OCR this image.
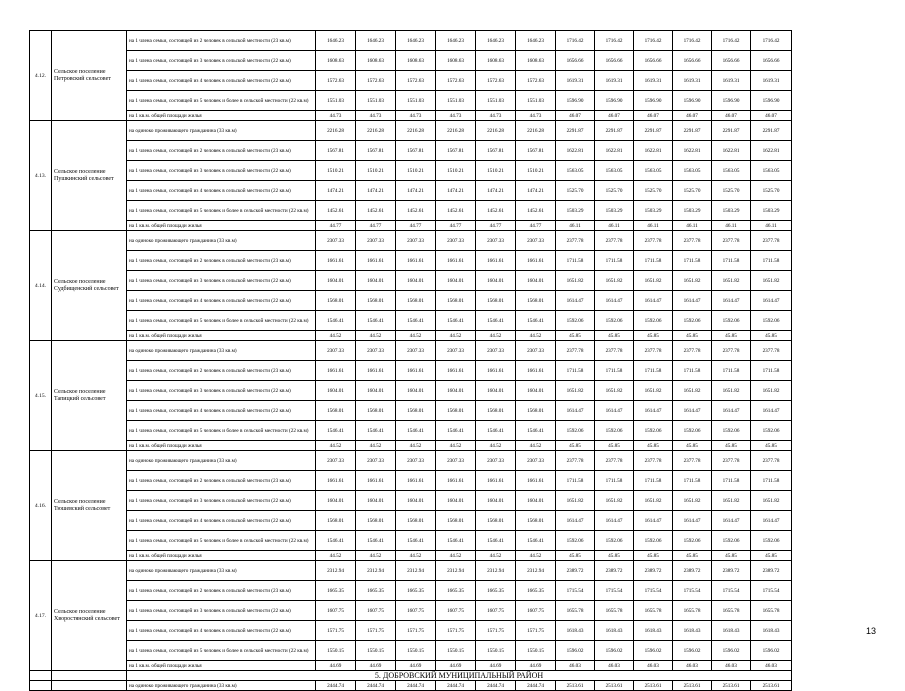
4.12.	Сельское поселение Петровский сельсовет	на 1 члена семьи, состоящей из 2 человек в сельской местности (23 кв.м)	1646.23	1646.23	1646.23	1646.23	1646.23	1646.23	1716.42	1716.42	1716.42	1716.42	1716.42	1716.42
		на 1 члена семьи, состоящей из 3 человек в сельской местности (22 кв.м)	1608.63	1608.63	1608.63	1608.63	1608.63	1608.63	1656.66	1656.66	1656.66	1656.66	1656.66	1656.66
		на 1 члена семьи, состоящей из 4 человек в сельской местности (22 кв.м)	1572.63	1572.63	1572.63	1572.63	1572.63	1572.63	1619.31	1619.31	1619.31	1619.31	1619.31	1619.31
		на 1 члена семьи, состоящей из 5 человек и более в сельской местности (22 кв.м)	1551.03	1551.03	1551.03	1551.03	1551.03	1551.03	1596.90	1596.90	1596.90	1596.90	1596.90	1596.90
		на 1 кв.м. общей площади жилья	44.73	44.73	44.73	44.73	44.73	44.73	46.07	46.07	46.07	46.07	46.07	46.07
4.13.	Сельское поселение Пушкинский сельсовет	на одиноко проживающего гражданина (33 кв.м)	2216.28	2216.28	2216.28	2216.28	2216.28	2216.28	2291.87	2291.87	2291.87	2291.87	2291.87	2291.87
		на 1 члена семьи, состоящей из 2 человек в сельской местности (23 кв.м)	1567.81	1567.81	1567.81	1567.81	1567.81	1567.81	1622.81	1622.81	1622.81	1622.81	1622.81	1622.81
		на 1 члена семьи, состоящей из 3 человек в сельской местности (22 кв.м)	1510.21	1510.21	1510.21	1510.21	1510.21	1510.21	1563.05	1563.05	1563.05	1563.05	1563.05	1563.05
		на 1 члена семьи, состоящей из 4 человек в сельской местности (22 кв.м)	1474.21	1474.21	1474.21	1474.21	1474.21	1474.21	1525.70	1525.70	1525.70	1525.70	1525.70	1525.70
		на 1 члена семьи, состоящей из 5 человек и более в сельской местности (22 кв.м)	1452.61	1452.61	1452.61	1452.61	1452.61	1452.61	1503.29	1503.29	1503.29	1503.29	1503.29	1503.29
		на 1 кв.м. общей площади жилья	44.77	44.77	44.77	44.77	44.77	44.77	46.11	46.11	46.11	46.11	46.11	46.11
4.14.	Сельское поселение Судбищенский сельсовет	на одиноко проживающего гражданина (33 кв.м)	2307.33	2307.33	2307.33	2307.33	2307.33	2307.33	2377.78	2377.78	2377.78	2377.78	2377.78	2377.78
		на 1 члена семьи, состоящей из 2 человек в сельской местности (23 кв.м)	1661.61	1661.61	1661.61	1661.61	1661.61	1661.61	1711.58	1711.58	1711.58	1711.58	1711.58	1711.58
		на 1 члена семьи, состоящей из 3 человек в сельской местности (22 кв.м)	1604.01	1604.01	1604.01	1604.01	1604.01	1604.01	1651.82	1651.82	1651.82	1651.82	1651.82	1651.82
		на 1 члена семьи, состоящей из 4 человек в сельской местности (22 кв.м)	1568.01	1568.01	1568.01	1568.01	1568.01	1568.01	1614.47	1614.47	1614.47	1614.47	1614.47	1614.47
		на 1 члена семьи, состоящей из 5 человек и более в сельской местности (22 кв.м)	1546.41	1546.41	1546.41	1546.41	1546.41	1546.41	1592.06	1592.06	1592.06	1592.06	1592.06	1592.06
		на 1 кв.м. общей площади жилья	44.52	44.52	44.52	44.52	44.52	44.52	45.85	45.85	45.85	45.85	45.85	45.85
4.15.	Сельское поселение Тапицкий сельсовет	на одиноко проживающего гражданина (33 кв.м)	2307.33	2307.33	2307.33	2307.33	2307.33	2307.33	2377.78	2377.78	2377.78	2377.78	2377.78	2377.78
		на 1 члена семьи, состоящей из 2 человек в сельской местности (23 кв.м)	1661.61	1661.61	1661.61	1661.61	1661.61	1661.61	1711.58	1711.58	1711.58	1711.58	1711.58	1711.58
		на 1 члена семьи, состоящей из 3 человек в сельской местности (22 кв.м)	1604.01	1604.01	1604.01	1604.01	1604.01	1604.01	1651.82	1651.82	1651.82	1651.82	1651.82	1651.82
		на 1 члена семьи, состоящей из 4 человек в сельской местности (22 кв.м)	1568.01	1568.01	1568.01	1568.01	1568.01	1568.01	1614.47	1614.47	1614.47	1614.47	1614.47	1614.47
		на 1 члена семьи, состоящей из 5 человек и более в сельской местности (22 кв.м)	1546.41	1546.41	1546.41	1546.41	1546.41	1546.41	1592.06	1592.06	1592.06	1592.06	1592.06	1592.06
		на 1 кв.м. общей площади жилья	44.52	44.52	44.52	44.52	44.52	44.52	45.85	45.85	45.85	45.85	45.85	45.85
4.16.	Сельское поселение Тюшевский сельсовет	на одиноко проживающего гражданина (33 кв.м)	2307.33	2307.33	2307.33	2307.33	2307.33	2307.33	2377.78	2377.78	2377.78	2377.78	2377.78	2377.78
		на 1 члена семьи, состоящей из 2 человек в сельской местности (23 кв.м)	1661.61	1661.61	1661.61	1661.61	1661.61	1661.61	1711.58	1711.58	1711.58	1711.58	1711.58	1711.58
		на 1 члена семьи, состоящей из 3 человек в сельской местности (22 кв.м)	1604.01	1604.01	1604.01	1604.01	1604.01	1604.01	1651.82	1651.82	1651.82	1651.82	1651.82	1651.82
		на 1 члена семьи, состоящей из 4 человек в сельской местности (22 кв.м)	1568.01	1568.01	1568.01	1568.01	1568.01	1568.01	1614.47	1614.47	1614.47	1614.47	1614.47	1614.47
		на 1 члена семьи, состоящей из 5 человек и более в сельской местности (22 кв.м)	1546.41	1546.41	1546.41	1546.41	1546.41	1546.41	1592.06	1592.06	1592.06	1592.06	1592.06	1592.06
		на 1 кв.м. общей площади жилья	44.52	44.52	44.52	44.52	44.52	44.52	45.85	45.85	45.85	45.85	45.85	45.85
4.17.	Сельское поселение Хворостянский сельсовет	на одиноко проживающего гражданина (33 кв.м)	2312.94	2312.94	2312.94	2312.94	2312.94	2312.94	2389.72	2389.72	2389.72	2389.72	2389.72	2389.72
		на 1 члена семьи, состоящей из 2 человек в сельской местности (23 кв.м)	1665.35	1665.35	1665.35	1665.35	1665.35	1665.35	1715.54	1715.54	1715.54	1715.54	1715.54	1715.54
		на 1 члена семьи, состоящей из 3 человек в сельской местности (22 кв.м)	1607.75	1607.75	1607.75	1607.75	1607.75	1607.75	1655.78	1655.78	1655.78	1655.78	1655.78	1655.78
		на 1 члена семьи, состоящей из 4 человек в сельской местности (22 кв.м)	1571.75	1571.75	1571.75	1571.75	1571.75	1571.75	1618.43	1618.43	1618.43	1618.43	1618.43	1618.43
		на 1 члена семьи, состоящей из 5 человек и более в сельской местности (22 кв.м)	1550.15	1550.15	1550.15	1550.15	1550.15	1550.15	1596.02	1596.02	1596.02	1596.02	1596.02	1596.02
		на 1 кв.м. общей площади жилья	44.69	44.69	44.69	44.69	44.69	44.69	46.03	46.03	46.03	46.03	46.03	46.03
		5. ДОБРОВСКИЙ МУНИЦИПАЛЬНЫЙ РАЙОН												
		на одиноко проживающего гражданина (33 кв.м)	2444.74	2444.74	2444.74	2444.74	2444.74	2444.74	2513.61	2513.61	2513.61	2513.61	2513.61	2513.61
13
